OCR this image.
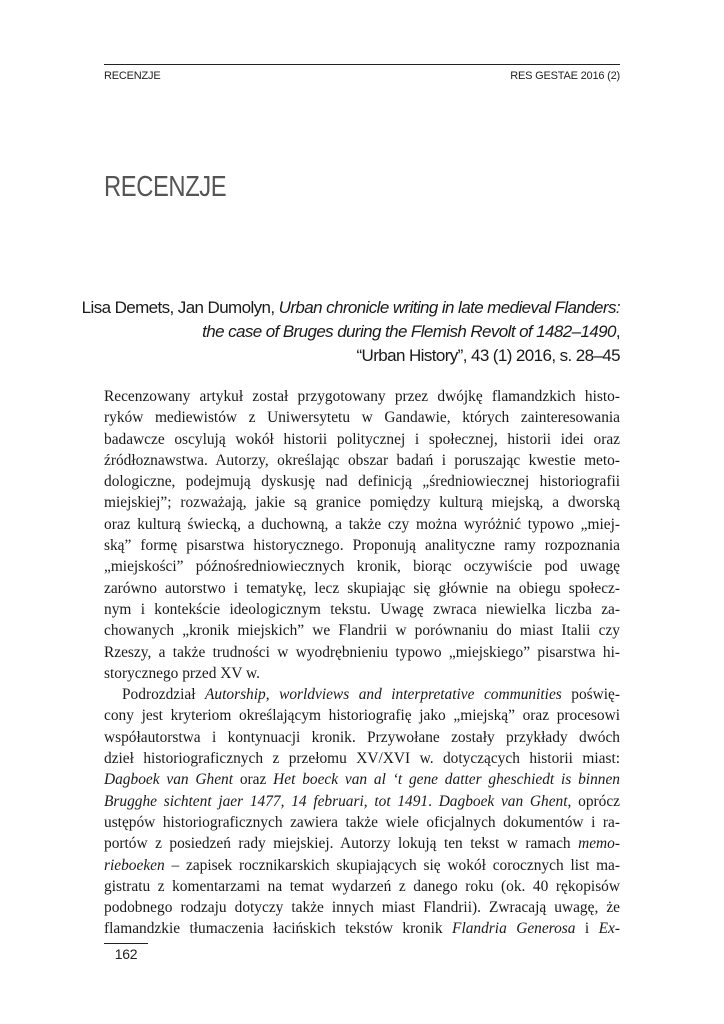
RECENZJE	RES GESTAE 2016 (2)
RECENZJE
Lisa Demets, Jan Dumolyn, Urban chronicle writing in late medieval Flanders:
the case of Bruges during the Flemish Revolt of 1482–1490,
“Urban History”, 43 (1) 2016, s. 28–45
Recenzowany artykuł został przygotowany przez dwójkę flamandzkich histo-
ryków mediewistów z Uniwersytetu w Gandawie, których zainteresowania
badawcze oscylują wokół historii politycznej i społecznej, historii idei oraz
źródłoznawstwa. Autorzy, określając obszar badań i poruszając kwestie meto-
dologiczne, podejmują dyskusję nad definicją „średniowiecznej historiografii
miejskiej”; rozważają, jakie są granice pomiędzy kulturą miejską, a dworską
oraz kulturą świecką, a duchowną, a także czy można wyróżnić typowo „miej-
ską” formę pisarstwa historycznego. Proponują analityczne ramy rozpoznania
„miejskości” późnośredniowiecznych kronik, biorąc oczywiście pod uwagę
zarówno autorstwo i tematykę, lecz skupiając się głównie na obiegu społecz-
nym i kontekście ideologicznym tekstu. Uwagę zwraca niewielka liczba za-
chowanych „kronik miejskich” we Flandrii w porównaniu do miast Italii czy
Rzeszy, a także trudności w wyodrębnieniu typowo „miejskiego” pisarstwa hi-
storycznego przed XV w.
Podrozdział Autorship, worldviews and interpretative communities poświę-
cony jest kryteriom określającym historiografię jako „miejską” oraz procesowi
współautorstwa i kontynuacji kronik. Przywołane zostały przykłady dwóch
dzieł historiograficznych z przełomu XV/XVI w. dotyczących historii miast:
Dagboek van Ghent oraz Het boeck van al ‘t gene datter gheschiedt is binnen
Brugghe sichtent jaer 1477, 14 februari, tot 1491. Dagboek van Ghent, oprócz
ustępów historiograficznych zawiera także wiele oficjalnych dokumentów i ra-
portów z posiedzeń rady miejskiej. Autorzy lokują ten tekst w ramach memo-
rieboeken – zapisek rocznikarskich skupiających się wokół corocznych list ma-
gistratu z komentarzami na temat wydarzeń z danego roku (ok. 40 rękopisów
podobnego rodzaju dotyczy także innych miast Flandrii). Zwracają uwagę, że
flamandzkie tłumaczenia łacińskich tekstów kronik Flandria Generosa i Ex-
162
